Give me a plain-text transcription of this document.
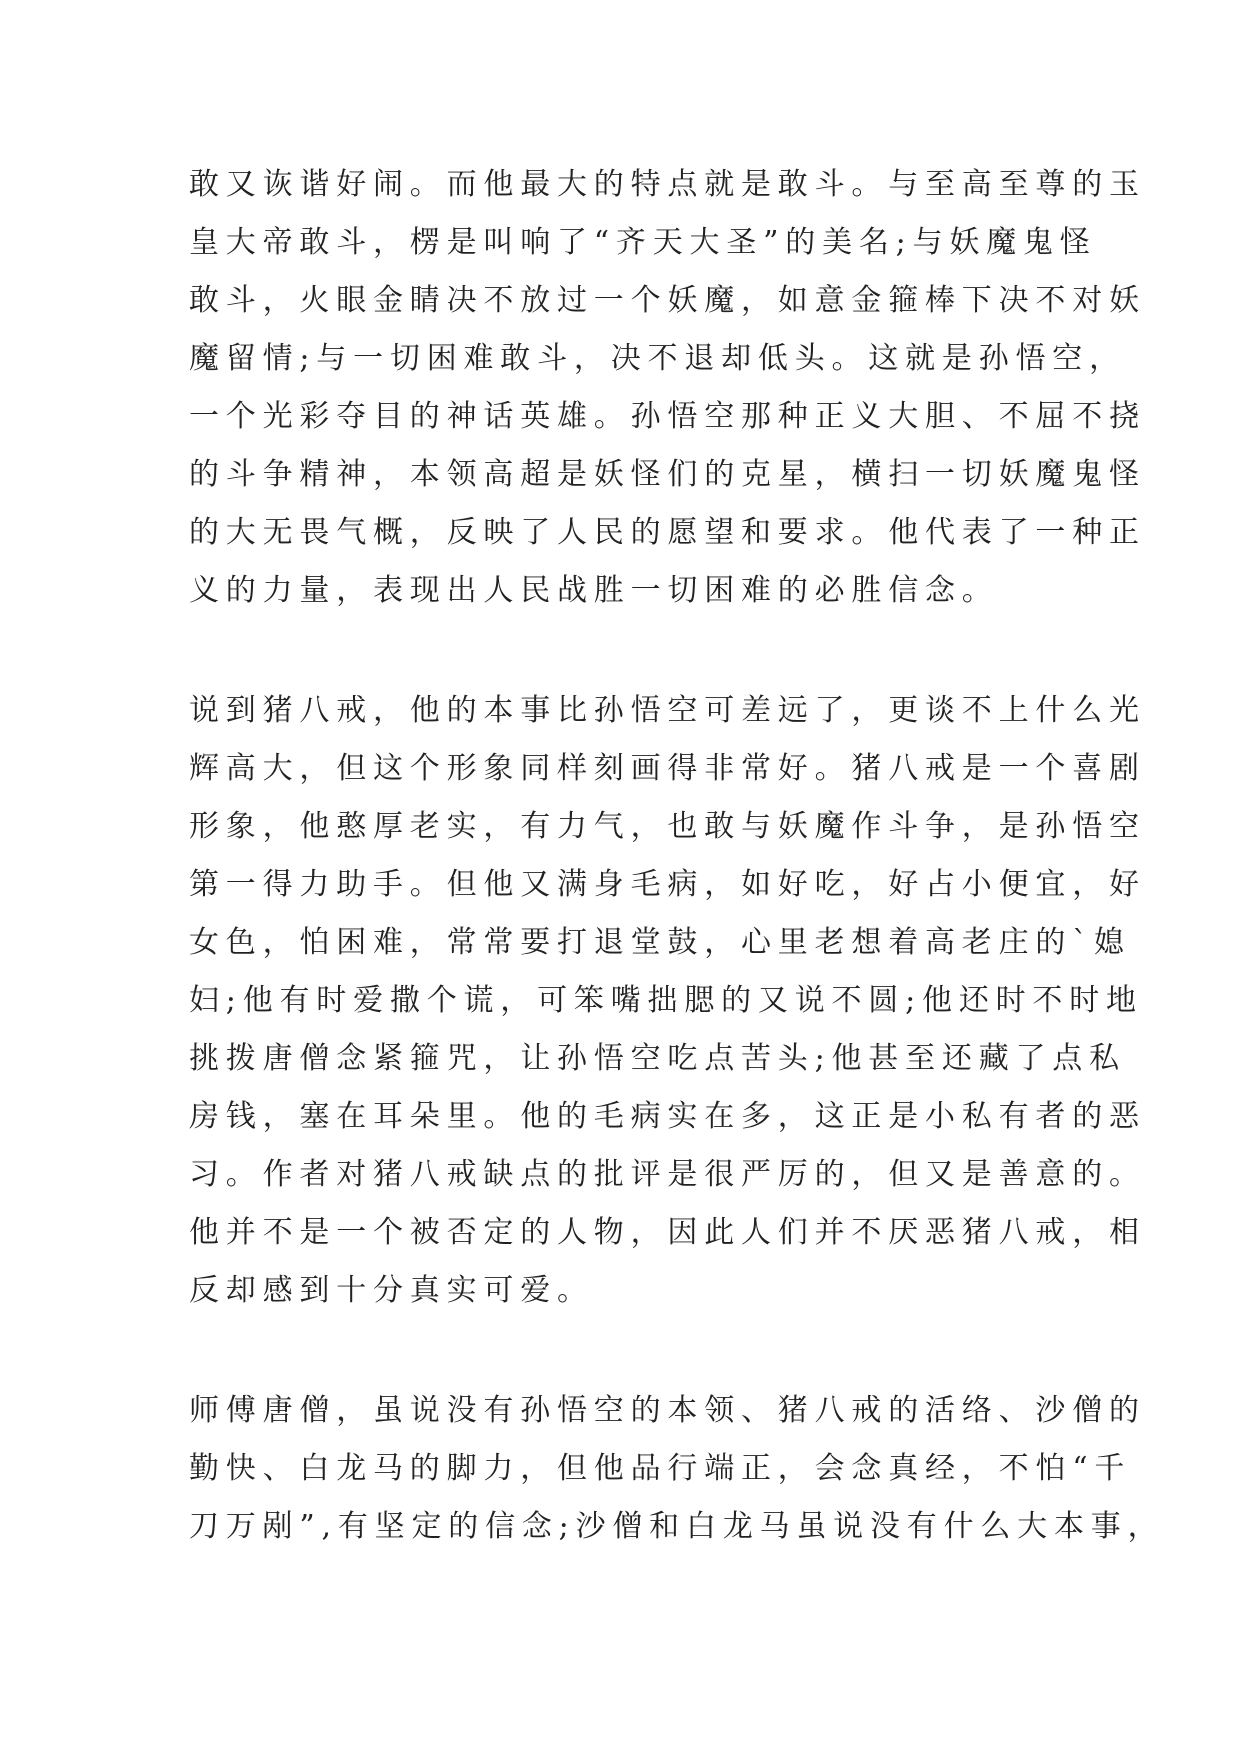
敢又诙谐好闹。而他最大的特点就是敢斗。与至高至尊的玉
皇大帝敢斗，楞是叫响了“齐天大圣”的美名;与妖魔鬼怪
敢斗，火眼金睛决不放过一个妖魔，如意金箍棒下决不对妖
魔留情;与一切困难敢斗，决不退却低头。这就是孙悟空，
一个光彩夺目的神话英雄。孙悟空那种正义大胆、不屈不挠
的斗争精神，本领高超是妖怪们的克星，横扫一切妖魔鬼怪
的大无畏气概，反映了人民的愿望和要求。他代表了一种正
义的力量，表现出人民战胜一切困难的必胜信念。
说到猪八戒，他的本事比孙悟空可差远了，更谈不上什么光
辉高大，但这个形象同样刻画得非常好。猪八戒是一个喜剧
形象，他憨厚老实，有力气，也敢与妖魔作斗争，是孙悟空
第一得力助手。但他又满身毛病，如好吃，好占小便宜，好
女色，怕困难，常常要打退堂鼓，心里老想着高老庄的`媳
妇;他有时爱撒个谎，可笨嘴拙腮的又说不圆;他还时不时地
挑拨唐僧念紧箍咒，让孙悟空吃点苦头;他甚至还藏了点私
房钱，塞在耳朵里。他的毛病实在多，这正是小私有者的恶
习。作者对猪八戒缺点的批评是很严厉的，但又是善意的。
他并不是一个被否定的人物，因此人们并不厌恶猪八戒，相
反却感到十分真实可爱。
师傅唐僧，虽说没有孙悟空的本领、猪八戒的活络、沙僧的
勤快、白龙马的脚力，但他品行端正，会念真经，不怕“千
刀万剐”,有坚定的信念;沙僧和白龙马虽说没有什么大本事，
